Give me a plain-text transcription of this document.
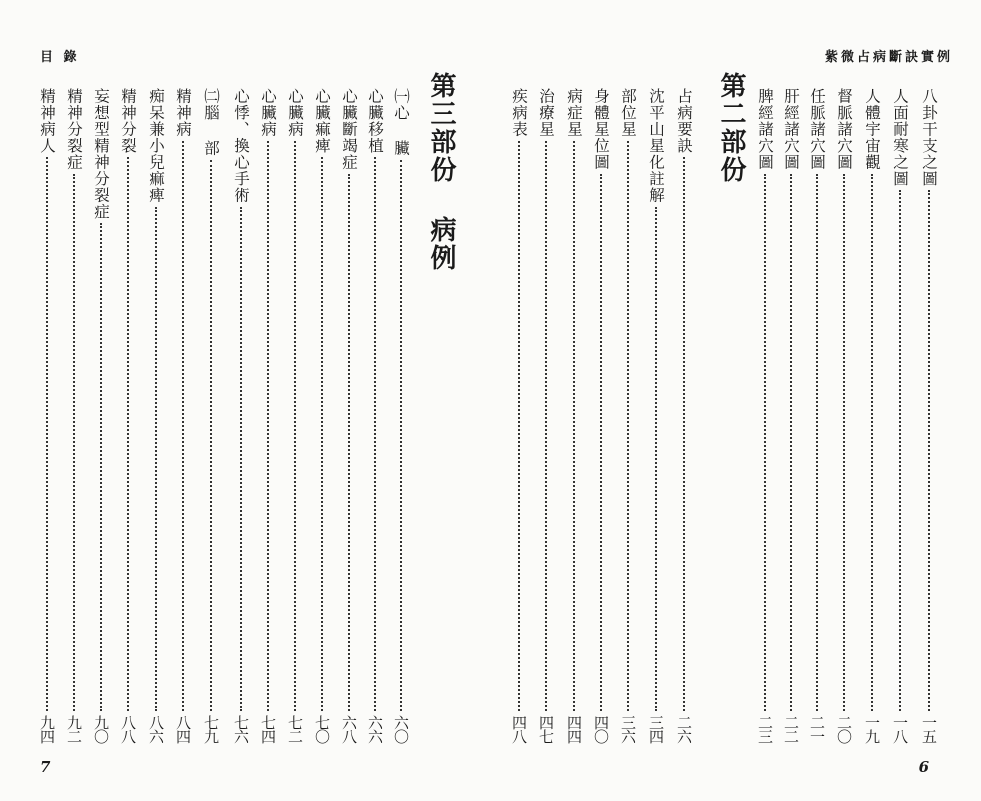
目 錄
第三部份 病例
㈠心 臟
六〇
心臟移植
六六
心臟斷竭症
六八
心臟痲痺
七〇
心臟病
七二
心臟病
七四
心悸、換心手術
七六
㈡腦 部
七九
精神病
八四
痴呆兼小兒痲痺
八六
精神分裂
八八
妄想型精神分裂症
九〇
精神分裂症
九二
精神病人
九四
7
紫微占病斷訣實例
八卦干支之圖
一五
人面耐寒之圖
一八
人體宇宙觀
一九
督脈諸穴圖
二〇
任脈諸穴圖
二一
肝經諸穴圖
二二
脾經諸穴圖
二三
第二部份
占病要訣
二六
沈平山星化註解
三四
部位星
三六
身體星位圖
四〇
病症星
四四
治療星
四七
疾病表
四八
6
